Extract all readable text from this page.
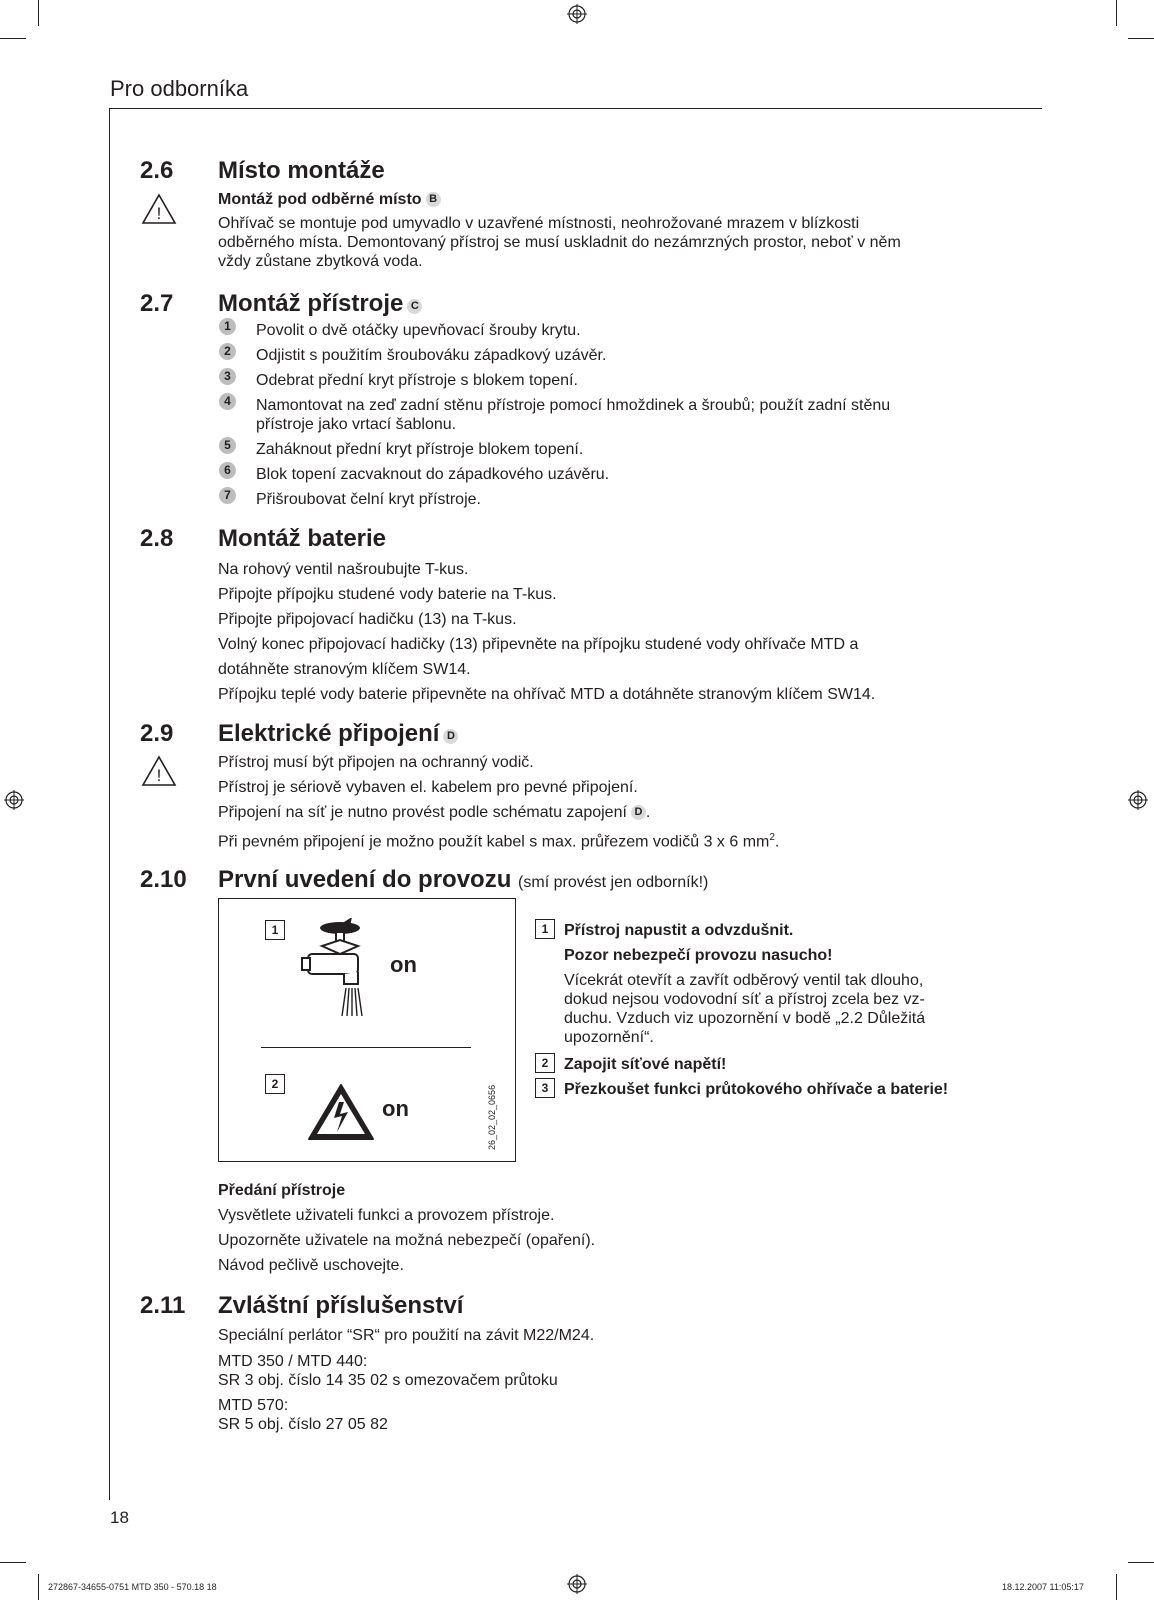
Pro odborníka
2.6 Místo montáže
!
Montáž pod odběrné místo B
Ohřívač se montuje pod umyvadlo v uzavřené místnosti, neohrožované mrazem v blízkosti
odběrného místa. Demontovaný přístroj se musí uskladnit do nezámrzných prostor, neboť v něm
vždy zůstane zbytková voda.
2.7 Montáž přístroje C
1	Povolit o dvě otáčky upevňovací šrouby krytu.
2	Odjistit s použitím šroubováku západkový uzávěr.
3	Odebrat přední kryt přístroje s blokem topení.
4	Namontovat na zeď zadní stěnu přístroje pomocí hmoždinek a šroubů; použít zadní stěnu
přístroje jako vrtací šablonu.
5	Zaháknout přední kryt přístroje blokem topení.
6	Blok topení zacvaknout do západkového uzávěru.
7	Přišroubovat čelní kryt přístroje.
2.8 Montáž baterie
Na rohový ventil našroubujte T-kus.
Připojte přípojku studené vody baterie na T-kus.
Připojte připojovací hadičku (13) na T-kus.
Volný konec připojovací hadičky (13) připevněte na přípojku studené vody ohřívače MTD a
dotáhněte stranovým klíčem SW14.
Přípojku teplé vody baterie připevněte na ohřívač MTD a dotáhněte stranovým klíčem SW14.
2.9 Elektrické připojení D
!
Přístroj musí být připojen na ochranný vodič.
Přístroj je sériově vybaven el. kabelem pro pevné připojení.
Připojení na síť je nutno provést podle schématu zapojení D .
Při pevném připojení je možno použít kabel s max. průřezem vodičů 3 x 6 $mm^2$.
2.10 První uvedení do provozu (smí provést jen odborník!)
1
on
2
on	26_02_02_0656
1 Přístroj napustit a odvzdušnit.
Pozor nebezpečí provozu nasucho!
Vícekrát otevřít a zavřít odběrový ventil tak dlouho,
dokud nejsou vodovodní síť a přístroj zcela bez vz-
duchu. Vzduch viz upozornění v bodě „2.2 Důležitá
upozornění“.
2 Zapojit síťové napětí!
3 Přezkoušet funkci průtokového ohřívače a baterie!
Předání přístroje
Vysvětlete uživateli funkci a provozem přístroje.
Upozorněte uživatele na možná nebezpečí (opaření).
Návod pečlivě uschovejte.
2.11 Zvláštní příslušenství
Speciální perlátor “SR“ pro použití na závit M22/M24.
MTD 350 / MTD 440:
SR 3 obj. číslo 14 35 02 s omezovačem průtoku
MTD 570:
SR 5 obj. číslo 27 05 82
18
272867-34655-0751 MTD 350 - 570.18 18	18.12.2007 11:05:17
